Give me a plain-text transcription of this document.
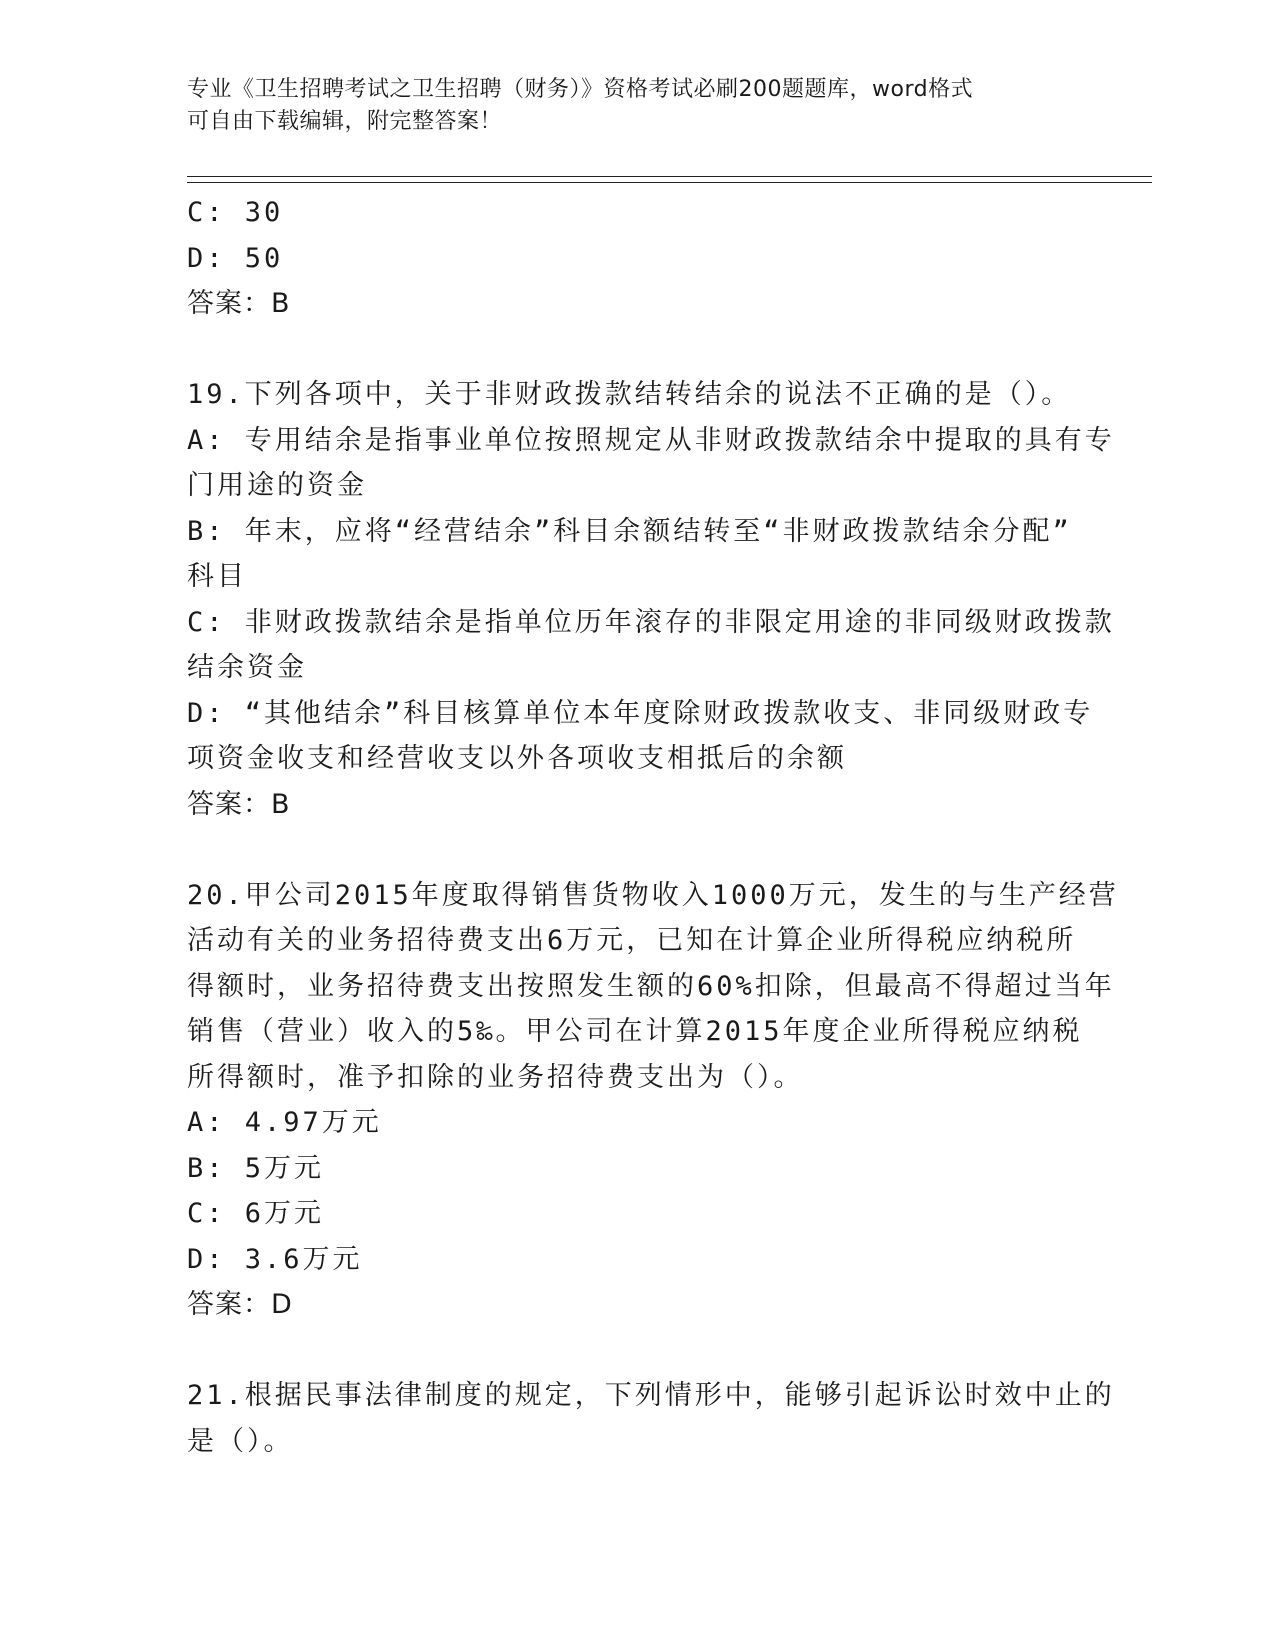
专业《卫生招聘考试之卫生招聘（财务）》资格考试必刷200题题库，word格式
可自由下载编辑，附完整答案！
C: 30
D: 50
答案：B
19.下列各项中，关于非财政拨款结转结余的说法不正确的是（）。
A: 专用结余是指事业单位按照规定从非财政拨款结余中提取的具有专
门用途的资金
B: 年末，应将“经营结余”科目余额结转至“非财政拨款结余分配”
科目
C: 非财政拨款结余是指单位历年滚存的非限定用途的非同级财政拨款
结余资金
D: “其他结余”科目核算单位本年度除财政拨款收支、非同级财政专
项资金收支和经营收支以外各项收支相抵后的余额
答案：B
20.甲公司2015年度取得销售货物收入1000万元，发生的与生产经营
活动有关的业务招待费支出6万元，已知在计算企业所得税应纳税所
得额时，业务招待费支出按照发生额的60%扣除，但最高不得超过当年
销售（营业）收入的5‰。甲公司在计算2015年度企业所得税应纳税
所得额时，准予扣除的业务招待费支出为（）。
A: 4.97万元
B: 5万元
C: 6万元
D: 3.6万元
答案：D
21.根据民事法律制度的规定，下列情形中，能够引起诉讼时效中止的
是（）。
